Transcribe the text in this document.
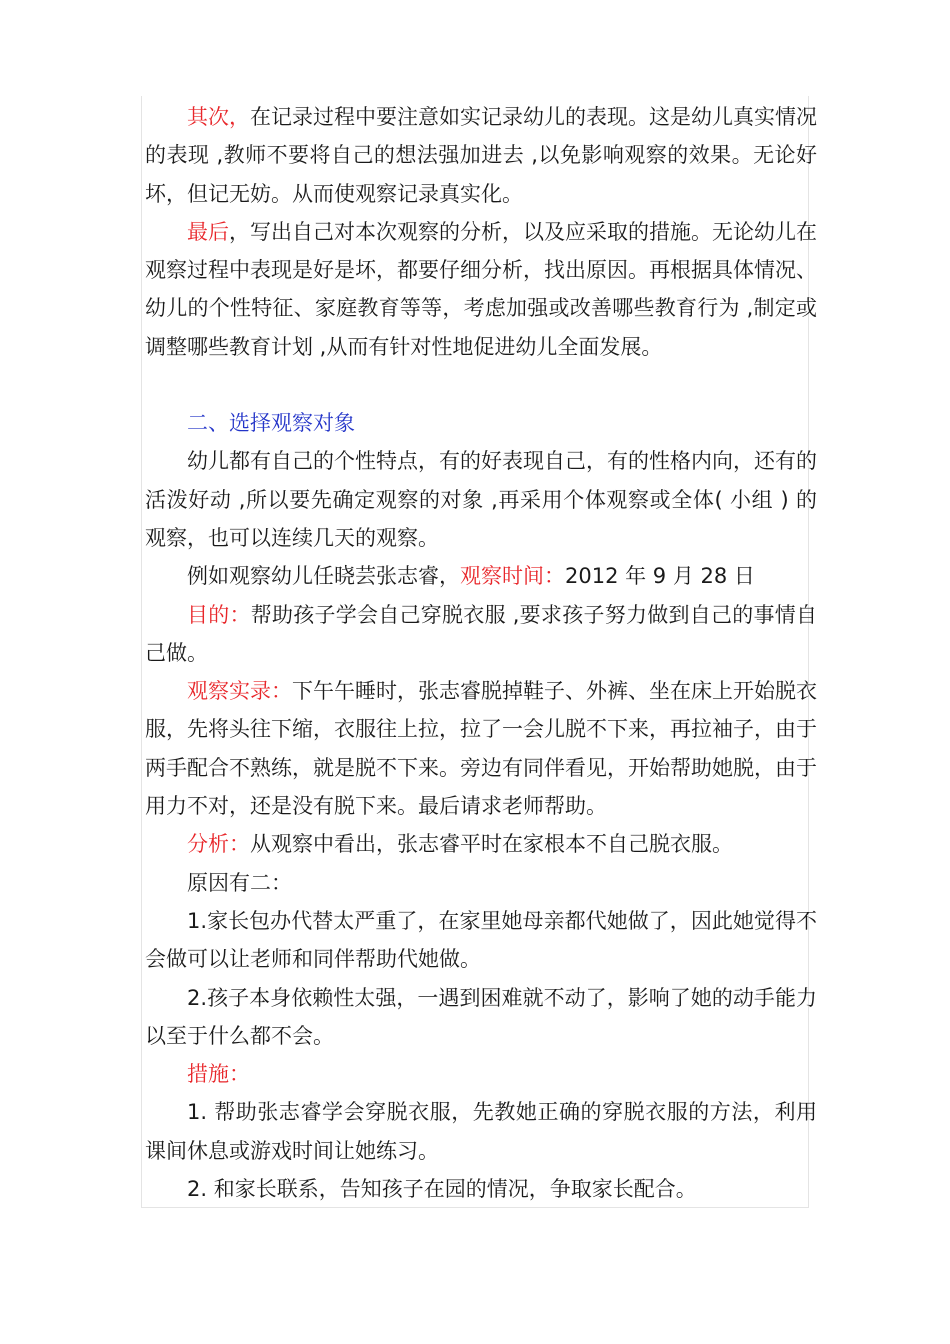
其次，在记录过程中要注意如实记录幼儿的表现。这是幼儿真实情况的表现 ,教师不要将自己的想法强加进去 ,以免影响观察的效果。无论好坏，但记无妨。从而使观察记录真实化。

最后，写出自己对本次观察的分析，以及应采取的措施。无论幼儿在观察过程中表现是好是坏，都要仔细分析，找出原因。再根据具体情况、幼儿的个性特征、家庭教育等等，考虑加强或改善哪些教育行为 ,制定或调整哪些教育计划 ,从而有针对性地促进幼儿全面发展。

二、选择观察对象

幼儿都有自己的个性特点，有的好表现自己，有的性格内向，还有的活泼好动 ,所以要先确定观察的对象 ,再采用个体观察或全体( 小组 ) 的观察，也可以连续几天的观察。

例如观察幼儿任晓芸张志睿，观察时间：2012 年 9 月 28 日

目的：帮助孩子学会自己穿脱衣服 ,要求孩子努力做到自己的事情自己做。

观察实录：下午午睡时，张志睿脱掉鞋子、外裤、坐在床上开始脱衣服，先将头往下缩，衣服往上拉，拉了一会儿脱不下来，再拉袖子，由于两手配合不熟练，就是脱不下来。旁边有同伴看见，开始帮助她脱，由于用力不对，还是没有脱下来。最后请求老师帮助。

分析：从观察中看出，张志睿平时在家根本不自己脱衣服。

原因有二：

1.家长包办代替太严重了，在家里她母亲都代她做了，因此她觉得不会做可以让老师和同伴帮助代她做。

2.孩子本身依赖性太强，一遇到困难就不动了，影响了她的动手能力以至于什么都不会。

措施：

1. 帮助张志睿学会穿脱衣服，先教她正确的穿脱衣服的方法，利用课间休息或游戏时间让她练习。

2. 和家长联系，告知孩子在园的情况，争取家长配合。
